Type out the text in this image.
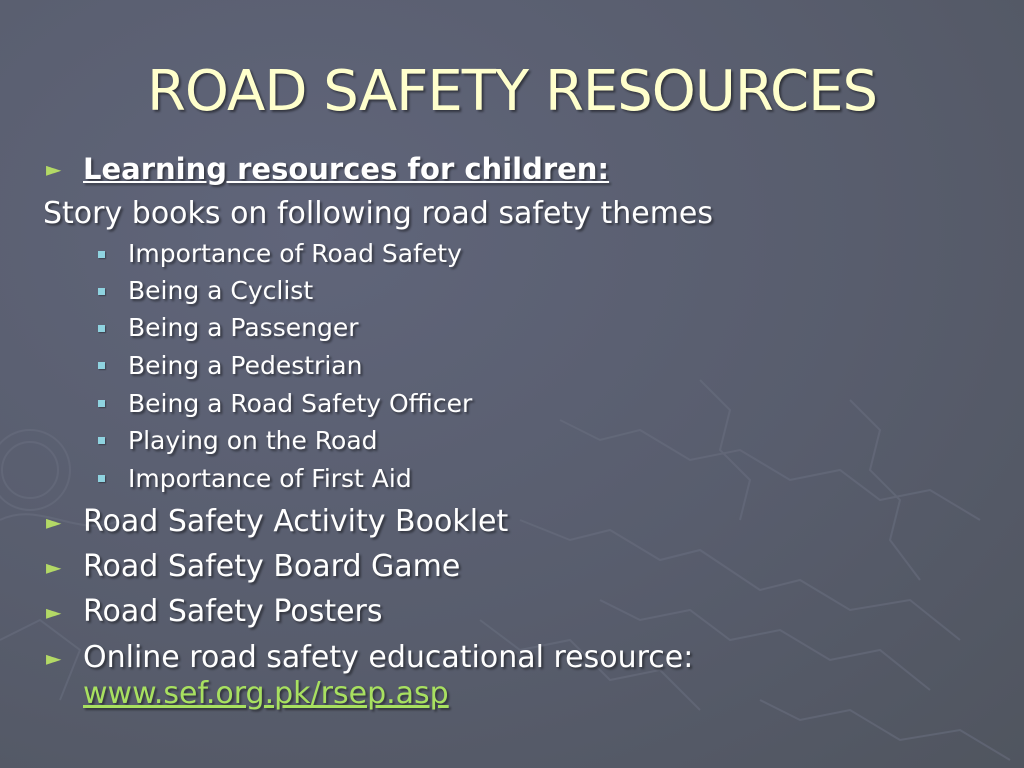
ROAD SAFETY RESOURCES
► Learning resources for children:
Story books on following road safety themes
Importance of Road Safety
Being a Cyclist
Being a Passenger
Being a Pedestrian
Being a Road Safety Officer
Playing on the Road
Importance of First Aid
► Road Safety Activity Booklet
► Road Safety Board Game
► Road Safety Posters
► Online road safety educational resource:
www.sef.org.pk/rsep.asp
